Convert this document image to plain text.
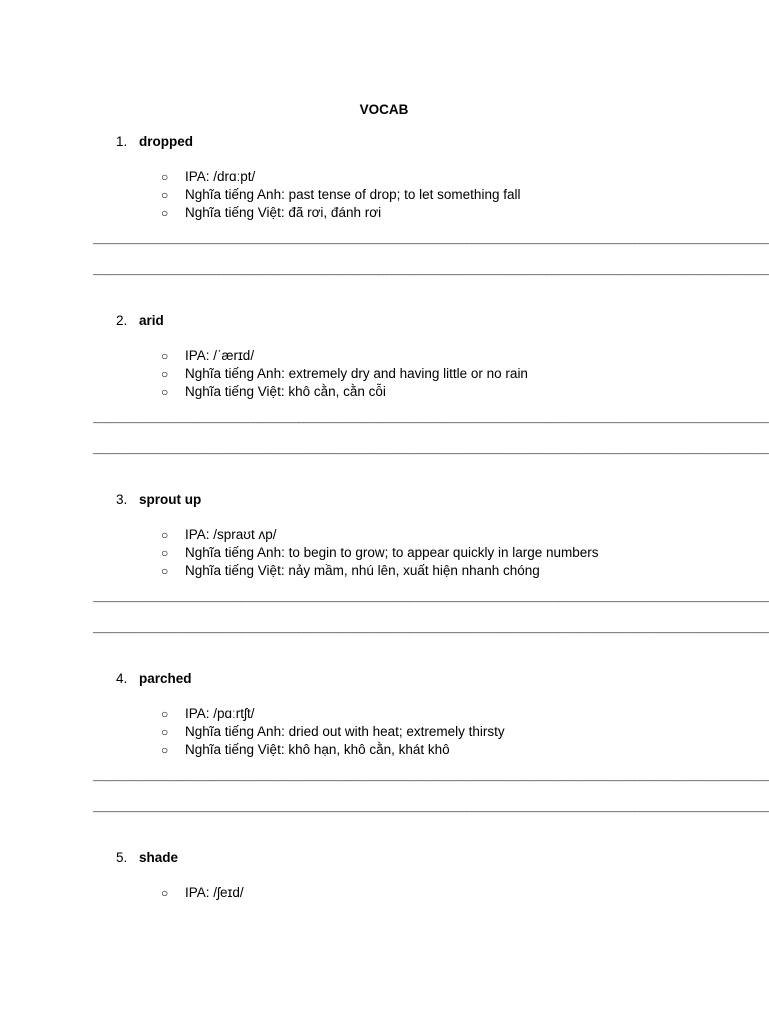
VOCAB
1. dropped
○ IPA: /drɑːpt/
○ Nghĩa tiếng Anh: past tense of drop; to let something fall
○ Nghĩa tiếng Việt: đã rơi, đánh rơi
—————————————————————————————————————————————————————————————————————————————————————————————————————————————————————————————————————————————————————————————————
—————————————————————————————————————————————————————————————————————————————————————————————————————————————————————————————————————————————————————————————————
2. arid
○ IPA: /ˈærɪd/
○ Nghĩa tiếng Anh: extremely dry and having little or no rain
○ Nghĩa tiếng Việt: khô cằn, cằn cỗi
—————————————————————————————————————————————————————————————————————————————————————————————————————————————————————————————————————————————————————————————————
—————————————————————————————————————————————————————————————————————————————————————————————————————————————————————————————————————————————————————————————————
3. sprout up
○ IPA: /spraʊt ʌp/
○ Nghĩa tiếng Anh: to begin to grow; to appear quickly in large numbers
○ Nghĩa tiếng Việt: nảy mầm, nhú lên, xuất hiện nhanh chóng
—————————————————————————————————————————————————————————————————————————————————————————————————————————————————————————————————————————————————————————————————
—————————————————————————————————————————————————————————————————————————————————————————————————————————————————————————————————————————————————————————————————
4. parched
○ IPA: /pɑːrtʃt/
○ Nghĩa tiếng Anh: dried out with heat; extremely thirsty
○ Nghĩa tiếng Việt: khô hạn, khô cằn, khát khô
—————————————————————————————————————————————————————————————————————————————————————————————————————————————————————————————————————————————————————————————————
—————————————————————————————————————————————————————————————————————————————————————————————————————————————————————————————————————————————————————————————————
5. shade
○ IPA: /ʃeɪd/
